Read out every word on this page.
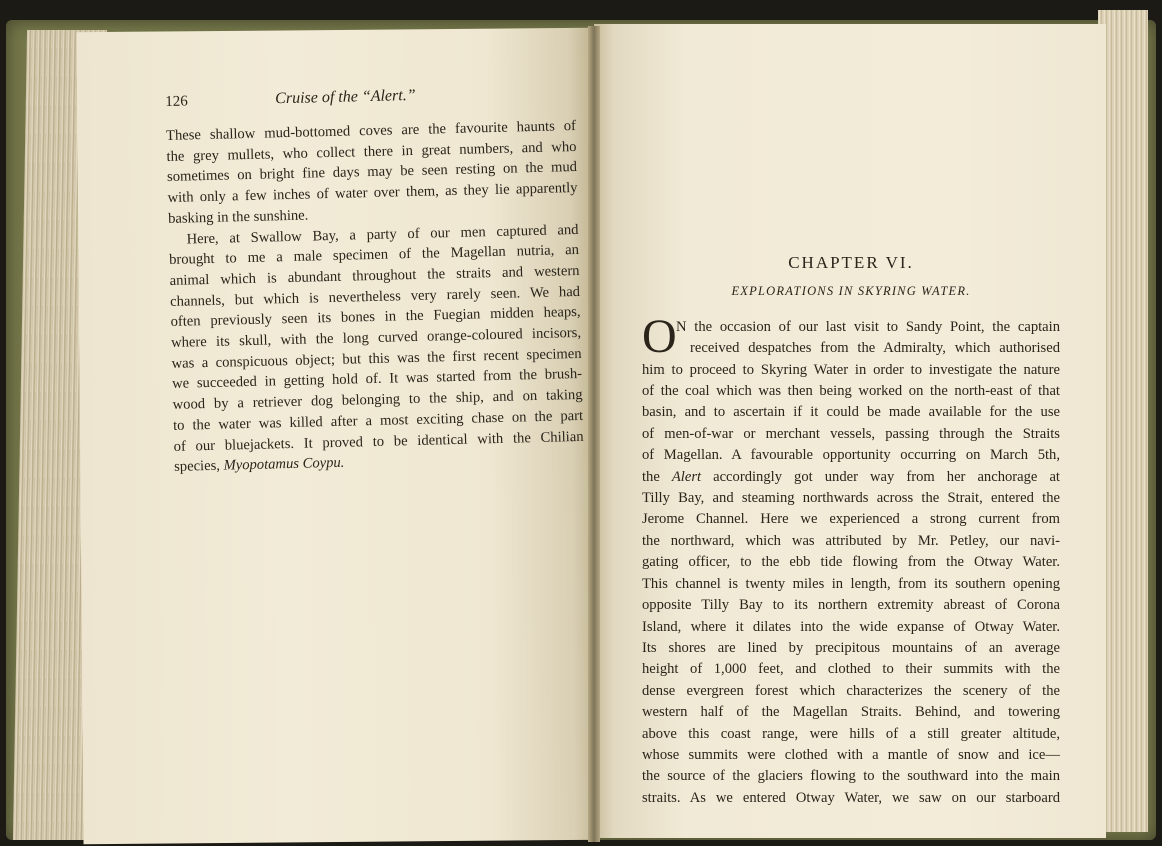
126	Cruise of the “Alert.”
These shallow mud-bottomed coves are the favourite haunts of
the grey mullets, who collect there in great numbers, and who
sometimes on bright fine days may be seen resting on the mud
with only a few inches of water over them, as they lie apparently
basking in the sunshine.
Here, at Swallow Bay, a party of our men captured and
brought to me a male specimen of the Magellan nutria, an
animal which is abundant throughout the straits and western
channels, but which is nevertheless very rarely seen. We had
often previously seen its bones in the Fuegian midden heaps,
where its skull, with the long curved orange-coloured incisors,
was a conspicuous object; but this was the first recent specimen
we succeeded in getting hold of. It was started from the brush-
wood by a retriever dog belonging to the ship, and on taking
to the water was killed after a most exciting chase on the part
of our bluejackets. It proved to be identical with the Chilian
species, Myopotamus Coypu.
CHAPTER VI.
EXPLORATIONS IN SKYRING WATER.
O N the occasion of our last visit to Sandy Point, the captain
received despatches from the Admiralty, which authorised
him to proceed to Skyring Water in order to investigate the nature
of the coal which was then being worked on the north-east of that
basin, and to ascertain if it could be made available for the use
of men-of-war or merchant vessels, passing through the Straits
of Magellan. A favourable opportunity occurring on March 5th,
the Alert accordingly got under way from her anchorage at
Tilly Bay, and steaming northwards across the Strait, entered the
Jerome Channel. Here we experienced a strong current from
the northward, which was attributed by Mr. Petley, our navi-
gating officer, to the ebb tide flowing from the Otway Water.
This channel is twenty miles in length, from its southern opening
opposite Tilly Bay to its northern extremity abreast of Corona
Island, where it dilates into the wide expanse of Otway Water.
Its shores are lined by precipitous mountains of an average
height of 1,000 feet, and clothed to their summits with the
dense evergreen forest which characterizes the scenery of the
western half of the Magellan Straits. Behind, and towering
above this coast range, were hills of a still greater altitude,
whose summits were clothed with a mantle of snow and ice—
the source of the glaciers flowing to the southward into the main
straits. As we entered Otway Water, we saw on our starboard
